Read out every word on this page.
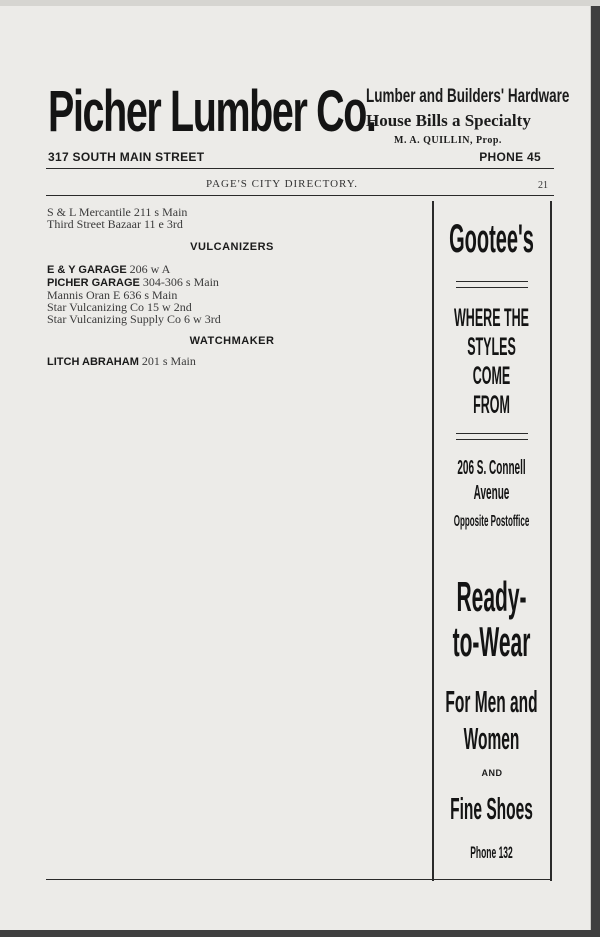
Picher Lumber Co.
Lumber and Builders' Hardware
House Bills a Specialty
M. A. QUILLIN, Prop.
317 SOUTH MAIN STREET	PHONE 45
PAGE'S CITY DIRECTORY.	21
S & L Mercantile 211 s Main
Third Street Bazaar 11 e 3rd
VULCANIZERS
E & Y GARAGE 206 w A
PICHER GARAGE 304-306 s Main
Mannis Oran E 636 s Main
Star Vulcanizing Co 15 w 2nd
Star Vulcanizing Supply Co 6 w 3rd
WATCHMAKER
LITCH ABRAHAM 201 s Main
Gootee's
WHERE THE
STYLES
COME
FROM
206 S. Connell
Avenue
Opposite Postoffice
Ready-
to-Wear
For Men and
Women
AND
Fine Shoes
Phone 132
